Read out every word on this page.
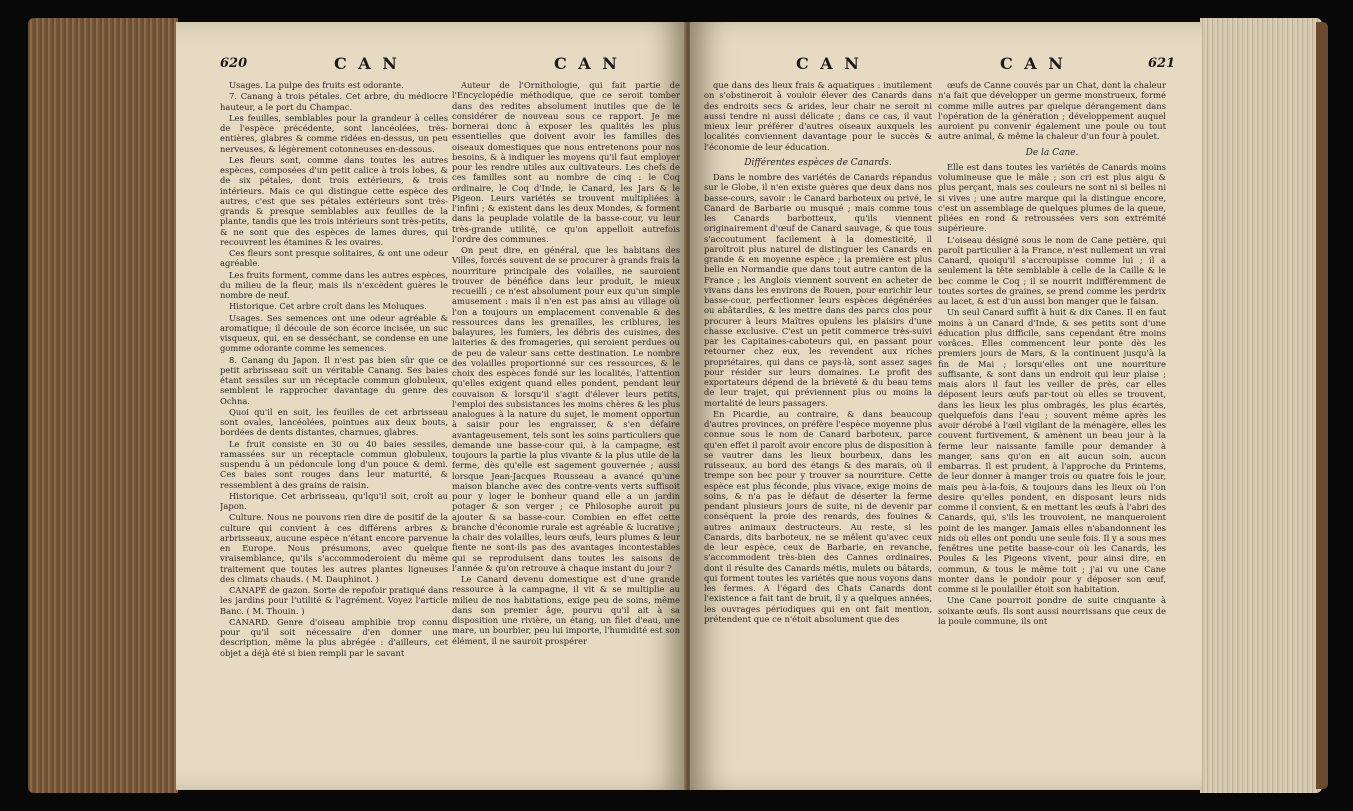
620	C A N	C A N

Usages. La pulpe des fruits est odorante.

7. Canang à trois pétales. Cet arbre, du médiocre hauteur, a le port du Champac.

Les feuilles, semblables pour la grandeur à celles de l'espèce précédente, sont lancéolées, très-entières, glabres & comme ridées en-dessus, un peu nerveuses, & légèrement cotonneuses en-dessous.

Les fleurs sont, comme dans toutes les autres espèces, composées d'un petit calice à trois lobes, & de six pétales, dont trois extérieurs, & trois intérieurs. Mais ce qui distingue cette espèce des autres, c'est que ses pétales extérieurs sont très-grands & presque semblables aux feuilles de la plante, tandis que les trois intérieurs sont très-petits, & ne sont que des espèces de lames dures, qui recouvrent les étamines & les ovaires.

Ces fleurs sont presque solitaires, & ont une odeur agréable.

Les fruits forment, comme dans les autres espèces, du milieu de la fleur, mais ils n'excèdent guères le nombre de neuf.

Historique. Cet arbre croît dans les Moluques.

Usages. Ses semences ont une odeur agréable & aromatique; il découle de son écorce incisée, un suc visqueux, qui, en se desséchant, se condense en une gomme odorante comme les semences.

8. Canang du Japon. Il n'est pas bien sûr que ce petit arbrisseau soit un véritable Canang. Ses baies étant sessiles sur un réceptacle commun globuleux, semblent le rapprocher davantage du genre des Ochna.

Quoi qu'il en soit, les feuilles de cet arbrisseau sont ovales, lancéolées, pointues aux deux bouts, bordées de dents distantes, charnues, glabres.

Le fruit consiste en 30 ou 40 baies sessiles, ramassées sur un réceptacle commun globuleux, suspendu à un pédoncule long d'un pouce & demi. Ces baies sont rouges dans leur maturité, & ressemblent à des grains de raisin.

Historique. Cet arbrisseau, qu'lqu'il soit, croît au Japon.

Culture. Nous ne pouvons rien dire de positif de la culture qui convient à ces différens arbres & arbrisseaux, aucune espèce n'étant encore parvenue en Europe. Nous présumons, avec quelque vraisemblance, qu'ils s'accommoderoient du même traitement que toutes les autres plantes ligneuses des climats chauds. ( M. Dauphinot. )

CANAPÉ de gazon. Sorte de repofoir pratiqué dans les jardins pour l'utilité & l'agrément. Voyez l'article Banc. ( M. Thouin. )

CANARD. Genre d'oiseau amphibie trop connu pour qu'il soit nécessaire d'en donner une description, même la plus abrégée : d'ailleurs, cet objet a déjà été si bien rempli par le savant

Auteur de l'Ornithologie, qui fait partie de l'Encyclopédie méthodique, que ce seroit tomber dans des redites absolument inutiles que de le considérer de nouveau sous ce rapport. Je me bornerai donc à exposer les qualités les plus essentielles que doivent avoir les familles des oiseaux domestiques que nous entretenons pour nos besoins, & à indiquer les moyens qu'il faut employer pour les rendre utiles aux cultivateurs. Les chefs de ces familles sont au nombre de cinq : le Coq ordinaire, le Coq d'Inde, le Canard, les Jars & le Pigeon. Leurs variétés se trouvent multipliées à l'infini ; & existent dans les deux Mondes, & forment dans la peuplade volatile de la basse-cour, vu leur très-grande utilité, ce qu'on appelloit autrefois l'ordre des communes.

On peut dire, en général, que les habitans des Villes, forcés souvent de se procurer à grands frais la nourriture principale des volailles, ne sauroient trouver de bénéfice dans leur produit, le mieux recueilli ; ce n'est absolument pour eux qu'un simple amusement : mais il n'en est pas ainsi au village où l'on a toujours un emplacement convenable & des ressources dans les grenailles, les criblures, les balayures, les fumiers, les débris des cuisines, des laiteries & des fromageries, qui seroient perdues ou de peu de valeur sans cette destination. Le nombre des volailles proportionné sur ces ressources, & le choix des espèces fondé sur les localités, l'attention qu'elles exigent quand elles pondent, pendant leur couvaison & lorsqu'il s'agit d'élever leurs petits, l'emploi des subsistances les moins chères & les plus analogues à la nature du sujet, le moment opportun à saisir pour les engraisser, & s'en défaire avantageusement, tels sont les soins particuliers que demande une basse-cour qui, à la campagne, est toujours la partie la plus vivante & la plus utile de la ferme, dès qu'elle est sagement gouvernée ; aussi lorsque Jean-Jacques Rousseau a avancé qu'une maison blanche avec des contre-vents verts suffisoit pour y loger le bonheur quand elle a un jardin potager & son verger ; ce Philosophe auroit pu ajouter & sa basse-cour. Combien en effet cette branche d'économie rurale est agréable & lucrative ; la chair des volailles, leurs œufs, leurs plumes & leur fiente ne sont-ils pas des avantages incontestables qui se reproduisent dans toutes les saisons de l'année & qu'on retrouve à chaque instant du jour ?

Le Canard devenu domestique est d'une grande ressource à la campagne, il vit & se multiplie au milieu de nos habitations, exige peu de soins, même dans son premier âge, pourvu qu'il ait à sa disposition une rivière, un étang, un filet d'eau, une mare, un bourbier, peu lui importe, l'humidité est son élément, il ne sauroit prospérer

C A N	C A N	621

que dans des lieux frais & aquatiques : inutilement on s'obstineroit à vouloir élever des Canards dans des endroits secs & arides, leur chair ne seroit ni aussi tendre ni aussi délicate ; dans ce cas, il vaut mieux leur préférer d'autres oiseaux auxquels les localités conviennent davantage pour le succès & l'économie de leur éducation.

Différentes espèces de Canards.

Dans le nombre des variétés de Canards répandus sur le Globe, il n'en existe guères que deux dans nos basse-cours, savoir : le Canard barboteux ou privé, le Canard de Barbarie ou musqué ; mais comme tous les Canards barbotteux, qu'ils viennent originairement d'œuf de Canard sauvage, & que tous s'accoutument facilement à la domesticité, il paroîtroit plus naturel de distinguer les Canards en grande & en moyenne espèce ; la première est plus belle en Normandie que dans tout autre canton de la France ; les Anglois viennent souvent en acheter de vivans dans les environs de Rouen, pour enrichir leur basse-cour, perfectionner leurs espèces dégénérées ou abâtardies, & les mettre dans des parcs clos pour procurer à leurs Maîtres opulens les plaisirs d'une chasse exclusive. C'est un petit commerce très-suivi par les Capitaines-caboteurs qui, en passant pour retourner chez eux, les revendent aux riches propriétaires, qui dans ce pays-là, sont assez sages pour résider sur leurs domaines. Le profit des exportateurs dépend de la brièveté & du beau tems de leur trajet, qui préviennent plus ou moins la mortalité de leurs passagers.

En Picardie, au contraire, & dans beaucoup d'autres provinces, on préfère l'espèce moyenne plus connue sous le nom de Canard barboteux, parce qu'en effet il paroît avoir encore plus de disposition à se vautrer dans les lieux bourbeux, dans les ruisseaux, au bord des étangs & des marais, où il trempe son bec pour y trouver sa nourriture. Cette espèce est plus féconde, plus vivace, exige moins de soins, & n'a pas le défaut de déserter la ferme pendant plusieurs jours de suite, ni de devenir par conséquent la proie des renards, des fouines & autres animaux destructeurs. Au reste, si les Canards, dits barboteux, ne se mêlent qu'avec ceux de leur espèce, ceux de Barbarie, en revanche, s'accommodent très-bien des Cannes ordinaires, dont il résulte des Canards métis, mulets ou bâtards, qui forment toutes les variétés que nous voyons dans les fermes. A l'égard des Chats Canards dont l'existence a fait tant de bruit, il y a quelques années, les ouvrages périodiques qui en ont fait mention, prétendent que ce n'étoit absolument que des

œufs de Canne couvés par un Chat, dont la chaleur n'a fait que développer un germe monstrueux, formé comme mille autres par quelque dérangement dans l'opération de la génération ; développement auquel auroient pu convenir également une poule ou tout autre animal, & même la chaleur d'un four à poulet.

De la Cane.

Elle est dans toutes les variétés de Canards moins volumineuse que le mâle ; son cri est plus aigu & plus perçant, mais ses couleurs ne sont ni si belles ni si vives ; une autre marque qui la distingue encore, c'est un assemblage de quelques plumes de la queue, pliées en rond & retroussées vers son extrémité supérieure.

L'oiseau désigné sous le nom de Cane petière, qui paroît particulier à la France, n'est nullement un vrai Canard, quoiqu'il s'accroupisse comme lui ; il a seulement la tête semblable à celle de la Caille & le bec comme le Coq ; il se nourrit indifféremment de toutes sortes de graines, se prend comme les perdrix au lacet, & est d'un aussi bon manger que le faisan.

Un seul Canard suffit à huit & dix Canes. Il en faut moins à un Canard d'Inde, & ses petits sont d'une éducation plus difficile, sans cependant être moins vorâces. Elles commencent leur ponte dès les premiers jours de Mars, & la continuent jusqu'à la fin de Mai ; lorsqu'elles ont une nourriture suffisante, & sont dans un endroit qui leur plaise ; mais alors il faut les veiller de près, car elles déposent leurs œufs par-tout où elles se trouvent, dans les lieux les plus ombragés, les plus écartés, quelquefois dans l'eau ; souvent même après les avoir dérobé à l'œil vigilant de la ménagère, elles les couvent furtivement, & amènent un beau jour à la ferme leur naissante famille pour demander à manger, sans qu'on en ait aucun soin, aucun embarras. Il est prudent, à l'approche du Printems, de leur donner à manger trois ou quatre fois le jour, mais peu à-la-fois, & toujours dans les lieux où l'on desire qu'elles pondent, en disposant leurs nids comme il convient, & en mettant les œufs à l'abri des Canards, qui, s'ils les trouvoient, ne manqueroient point de les manger. Jamais elles n'abandonnent les nids où elles ont pondu une seule fois. Il y a sous mes fenêtres une petite basse-cour où les Canards, les Poules & les Pigeons vivent, pour ainsi dire, en commun, & tous le même toit ; j'ai vu une Cane monter dans le pondoir pour y déposer son œuf, comme si le poulailler étoit son habitation.

Une Cane pourroit pondre de suite cinquante à soixante œufs. Ils sont aussi nourrissans que ceux de la poule commune, ils ont
